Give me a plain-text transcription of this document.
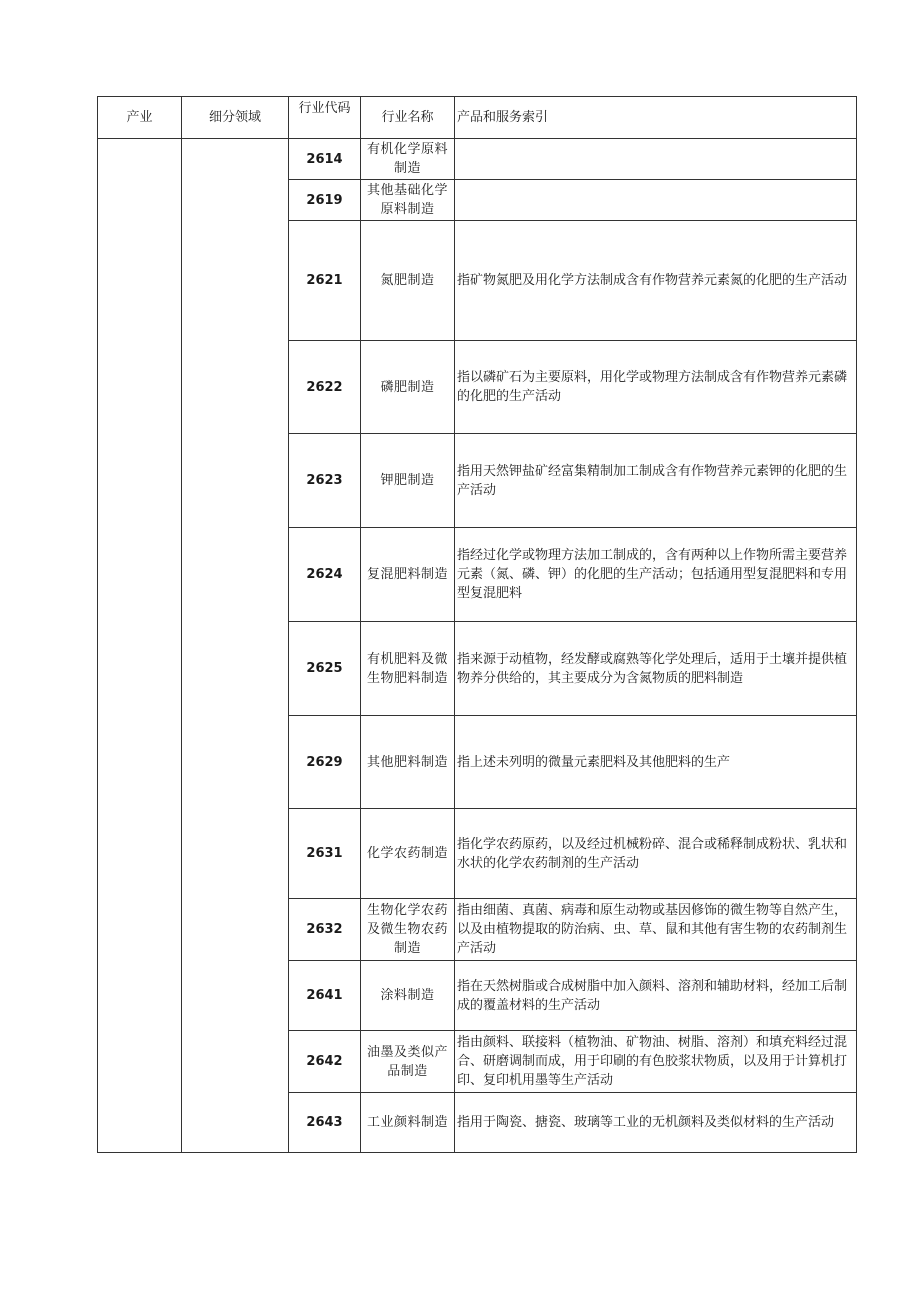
产业	细分领域	行业代码	行业名称	产品和服务索引
		2614	有机化学原料制造	
		2619	其他基础化学原料制造	
		2621	氮肥制造	指矿物氮肥及用化学方法制成含有作物营养元素氮的化肥的生产活动
		2622	磷肥制造	指以磷矿石为主要原料，用化学或物理方法制成含有作物营养元素磷的化肥的生产活动
		2623	钾肥制造	指用天然钾盐矿经富集精制加工制成含有作物营养元素钾的化肥的生产活动
		2624	复混肥料制造	指经过化学或物理方法加工制成的，含有两种以上作物所需主要营养元素（氮、磷、钾）的化肥的生产活动；包括通用型复混肥料和专用型复混肥料
		2625	有机肥料及微生物肥料制造	指来源于动植物，经发酵或腐熟等化学处理后，适用于土壤并提供植物养分供给的，其主要成分为含氮物质的肥料制造
		2629	其他肥料制造	指上述未列明的微量元素肥料及其他肥料的生产
		2631	化学农药制造	指化学农药原药，以及经过机械粉碎、混合或稀释制成粉状、乳状和水状的化学农药制剂的生产活动
		2632	生物化学农药及微生物农药制造	指由细菌、真菌、病毒和原生动物或基因修饰的微生物等自然产生，以及由植物提取的防治病、虫、草、鼠和其他有害生物的农药制剂生产活动
		2641	涂料制造	指在天然树脂或合成树脂中加入颜料、溶剂和辅助材料，经加工后制成的覆盖材料的生产活动
		2642	油墨及类似产品制造	指由颜料、联接料（植物油、矿物油、树脂、溶剂）和填充料经过混合、研磨调制而成，用于印刷的有色胶浆状物质，以及用于计算机打印、复印机用墨等生产活动
		2643	工业颜料制造	指用于陶瓷、搪瓷、玻璃等工业的无机颜料及类似材料的生产活动
